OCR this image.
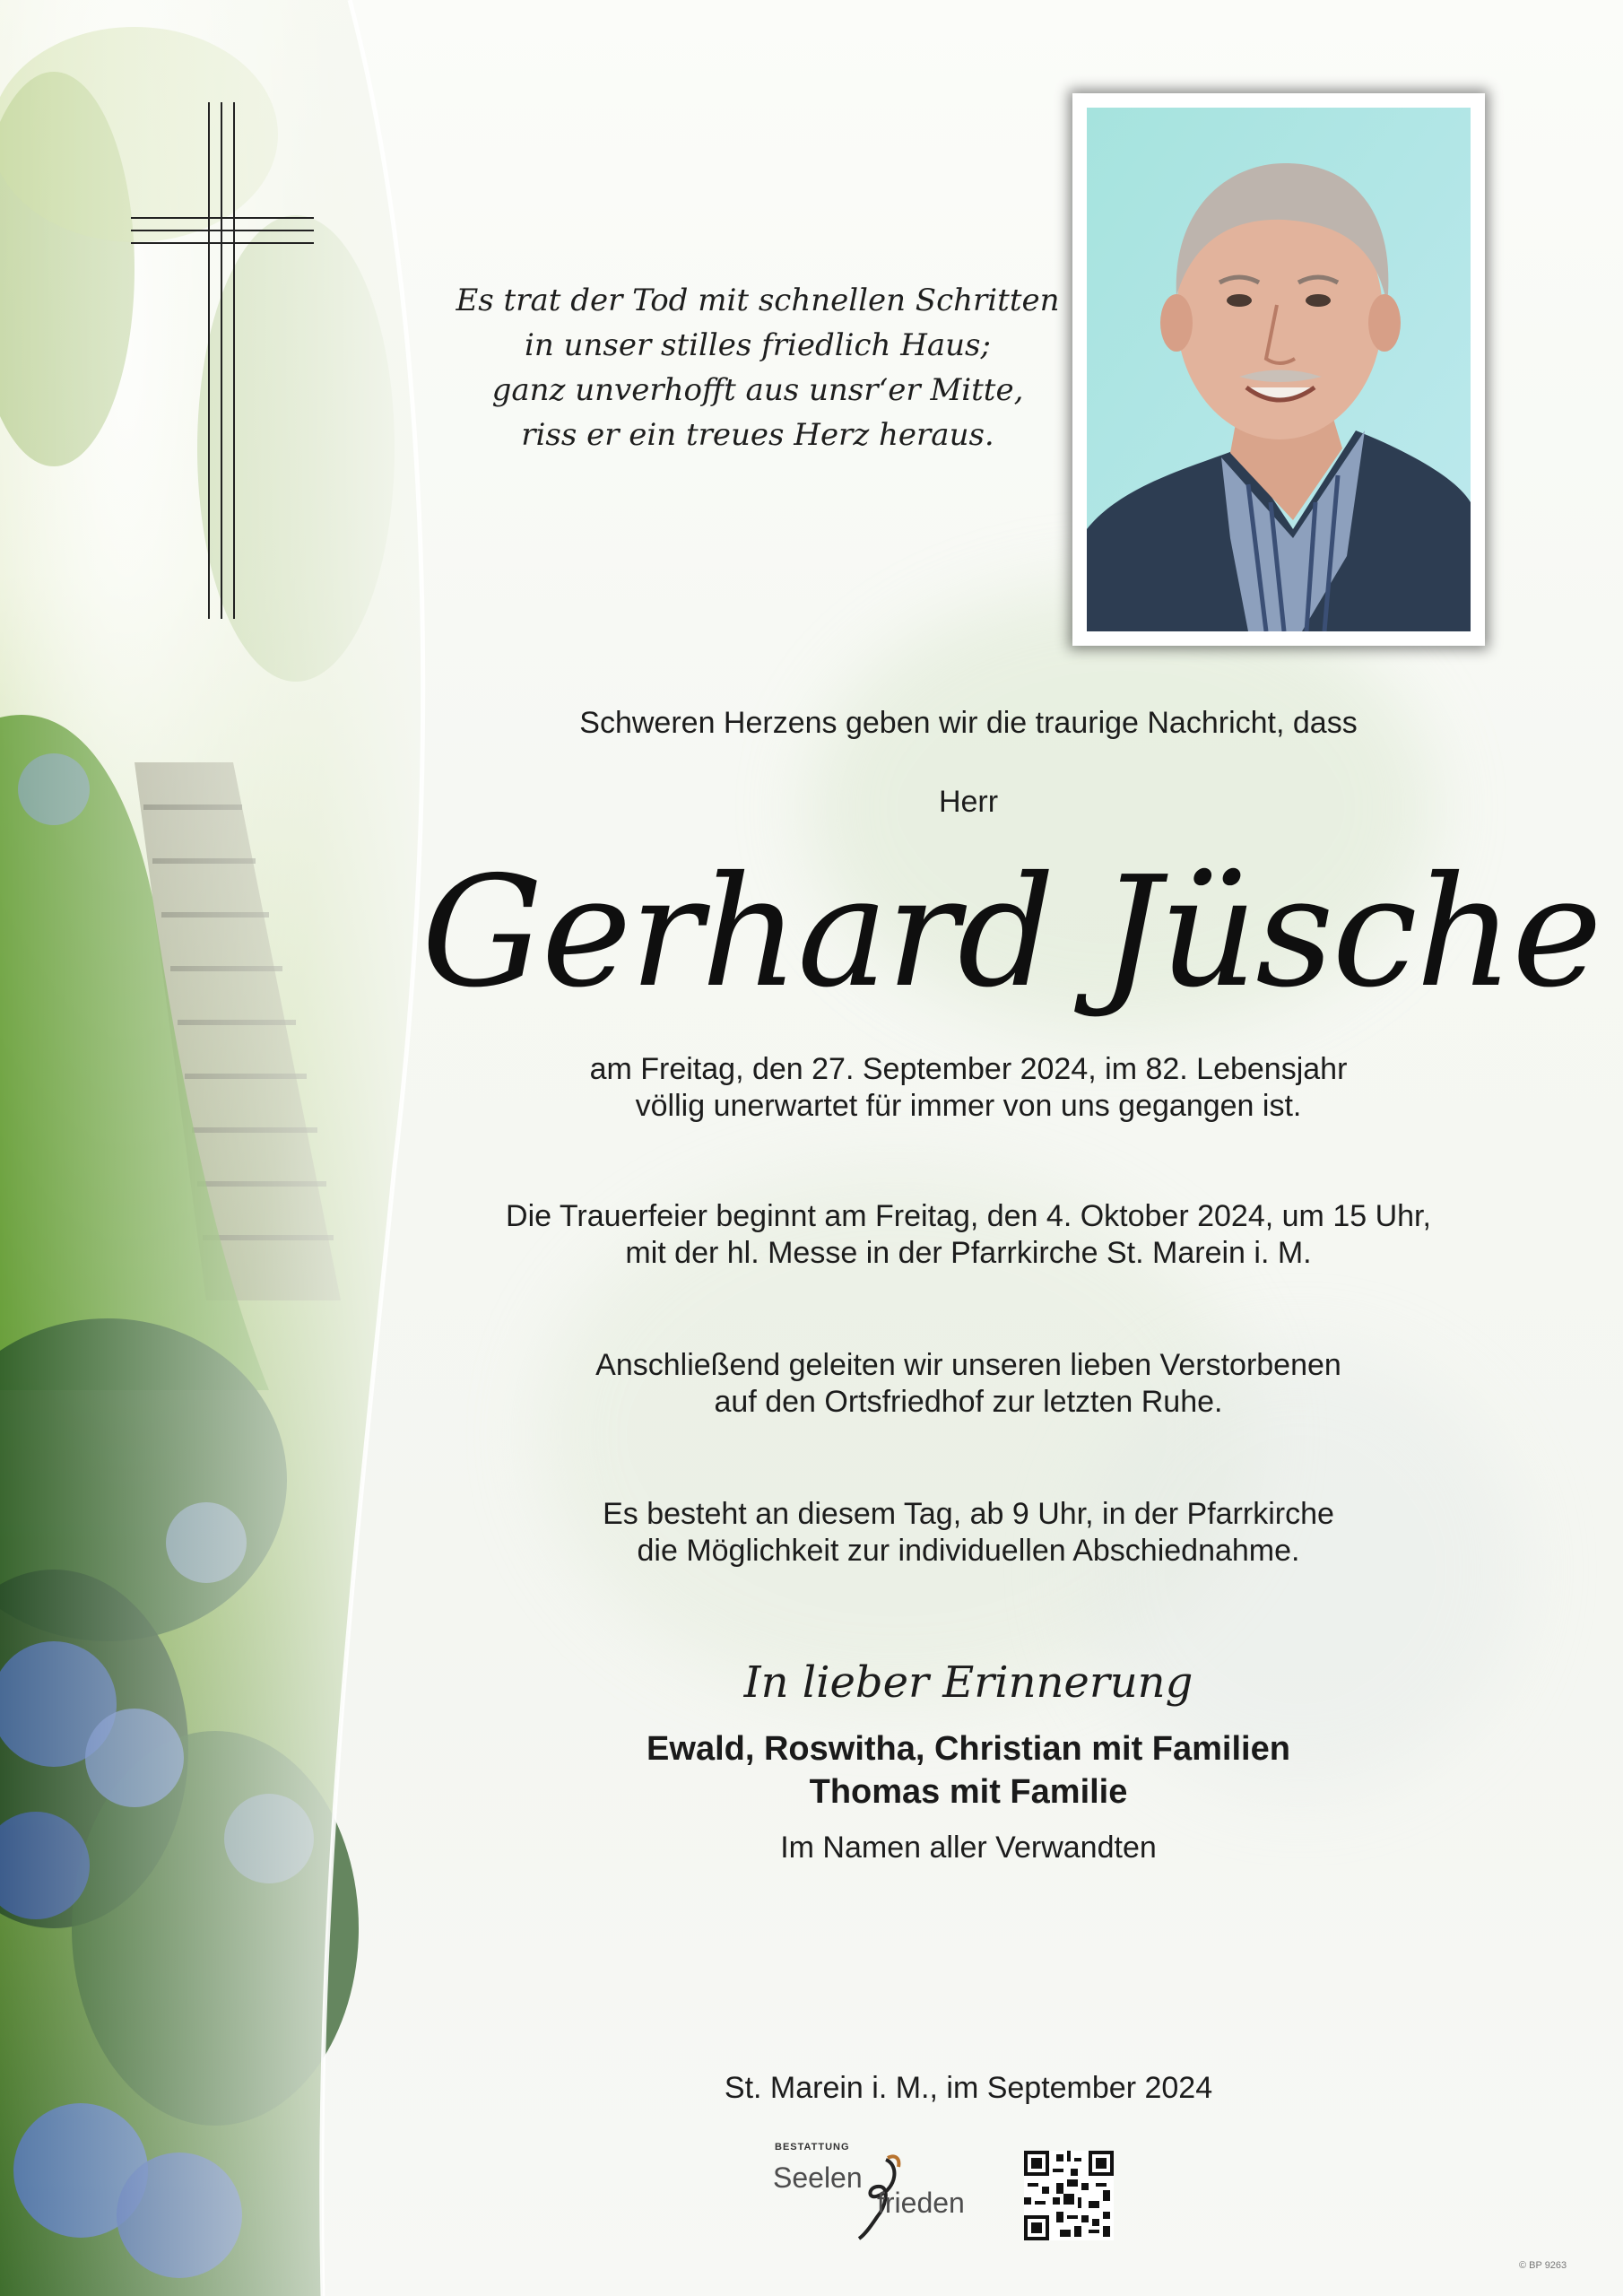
Es trat der Tod mit schnellen Schritten
in unser stilles friedlich Haus;
ganz unverhofft aus unsr‘er Mitte,
riss er ein treues Herz heraus.
Schweren Herzens geben wir die traurige Nachricht, dass
Herr
Gerhard Jüsche
am Freitag, den 27. September 2024, im 82. Lebensjahr
völlig unerwartet für immer von uns gegangen ist.
Die Trauerfeier beginnt am Freitag, den 4. Oktober 2024, um 15 Uhr,
mit der hl. Messe in der Pfarrkirche St. Marein i. M.
Anschließend geleiten wir unseren lieben Verstorbenen
auf den Ortsfriedhof zur letzten Ruhe.
Es besteht an diesem Tag, ab 9 Uhr, in der Pfarrkirche
die Möglichkeit zur individuellen Abschiednahme.
In lieber Erinnerung
Ewald, Roswitha, Christian mit Familien
Thomas mit Familie
Im Namen aller Verwandten
St. Marein i. M., im September 2024
BESTATTUNG
Seelen
frieden
© BP 9263
